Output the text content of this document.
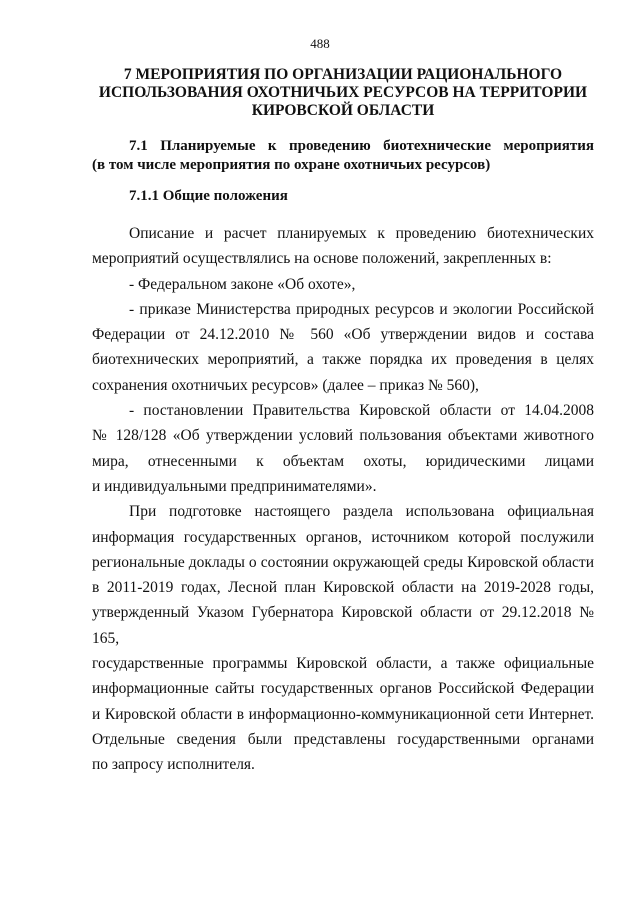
488
7 МЕРОПРИЯТИЯ ПО ОРГАНИЗАЦИИ РАЦИОНАЛЬНОГО
ИСПОЛЬЗОВАНИЯ ОХОТНИЧЬИХ РЕСУРСОВ НА ТЕРРИТОРИИ
КИРОВСКОЙ ОБЛАСТИ
7.1 Планируемые к проведению биотехнические мероприятия
(в том числе мероприятия по охране охотничьих ресурсов)
7.1.1 Общие положения
Описание и расчет планируемых к проведению биотехнических
мероприятий осуществлялись на основе положений, закрепленных в:
- Федеральном законе «Об охоте»,
- приказе Министерства природных ресурсов и экологии Российской
Федерации от 24.12.2010 № 560 «Об утверждении видов и состава
биотехнических мероприятий, а также порядка их проведения в целях
сохранения охотничьих ресурсов» (далее – приказ № 560),
- постановлении Правительства Кировской области от 14.04.2008
№ 128/128 «Об утверждении условий пользования объектами животного
мира, отнесенными к объектам охоты, юридическими лицами
и индивидуальными предпринимателями».
При подготовке настоящего раздела использована официальная
информация государственных органов, источником которой послужили
региональные доклады о состоянии окружающей среды Кировской области
в 2011-2019 годах, Лесной план Кировской области на 2019-2028 годы,
утвержденный Указом Губернатора Кировской области от 29.12.2018 № 165,
государственные программы Кировской области, а также официальные
информационные сайты государственных органов Российской Федерации
и Кировской области в информационно-коммуникационной сети Интернет.
Отдельные сведения были представлены государственными органами
по запросу исполнителя.
